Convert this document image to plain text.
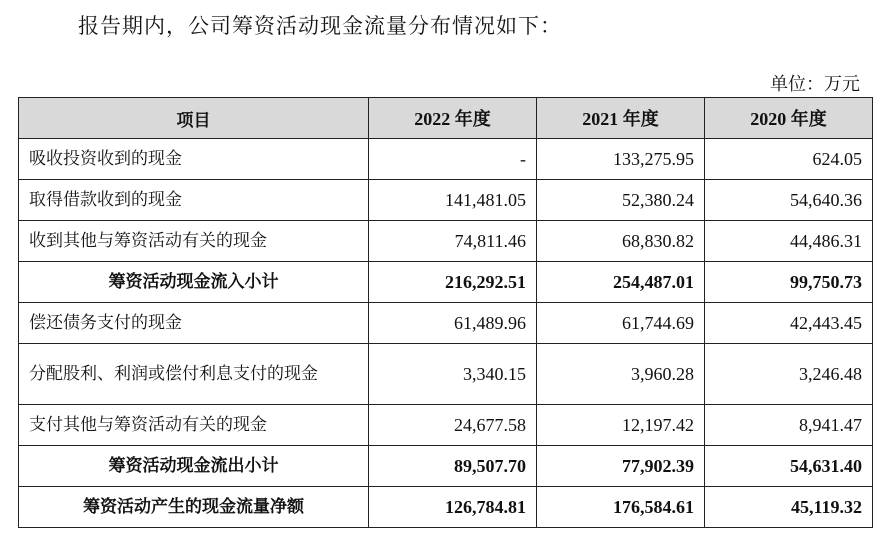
报告期内，公司筹资活动现金流量分布情况如下：
单位：万元
项目	2022 年度	2021 年度	2020 年度
吸收投资收到的现金	-	133,275.95	624.05
取得借款收到的现金	141,481.05	52,380.24	54,640.36
收到其他与筹资活动有关的现金	74,811.46	68,830.82	44,486.31
筹资活动现金流入小计	216,292.51	254,487.01	99,750.73
偿还债务支付的现金	61,489.96	61,744.69	42,443.45
分配股利、利润或偿付利息支付的现金	3,340.15	3,960.28	3,246.48
支付其他与筹资活动有关的现金	24,677.58	12,197.42	8,941.47
筹资活动现金流出小计	89,507.70	77,902.39	54,631.40
筹资活动产生的现金流量净额	126,784.81	176,584.61	45,119.32
